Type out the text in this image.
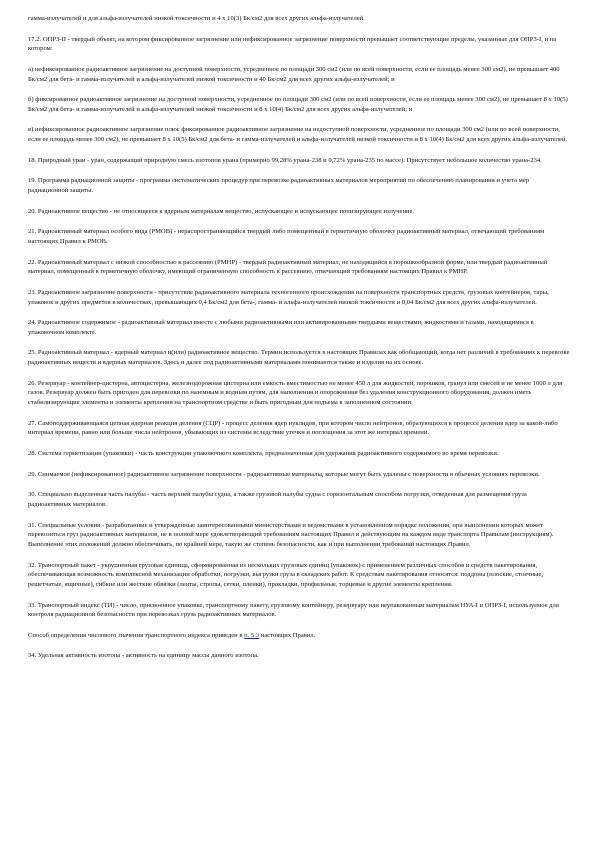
гамма-излучателей и для альфа-излучателей низкой токсичности и 4 х 10(3) Бк/см2 для всех других альфа-излучателей.

17.2. ОПРЗ-II - твердый объект, на котором фиксированное загрязнение или нефиксированное загрязнение поверхности превышает соответствующие пределы, указанные для ОПРЗ-I, и на котором:

а) нефиксированное радиоактивное загрязнение на доступной поверхности, усредненное по площади 300 см2 (или по всей поверхности, если ее площадь менее 300 см2), не превышает 400 Бк/см2 для бета- и гамма-излучателей и альфа-излучателей низкой токсичности и 40 Бк/см2 для всех других альфа-излучателей; и

б) фиксированное радиоактивное загрязнение на доступной поверхности, усредненное по площади 300 см2 (или по всей поверхности, если ее площадь менее 300 см2), не превышает 8 х 10(5) Бк/см2 для бета- и гамма-излучателей и альфа-излучателей низкой токсичности и 8 х 10(4) Бк/см2 для всех других альфа-излучателей; и

в) нефиксированное радиоактивное загрязнение плюс фиксированное радиоактивное загрязнение на недоступной поверхности, усредненное по площади 300 см2 (или по всей поверхности, если ее площадь менее 300 см2), не превышает 8 х 10(5) Бк/см2 для бета- и гамма-излучателей и альфа-излучателей низкой токсичности и 8 х 10(4) Бк/см2 для всех других альфа-излучателей.

18. Природный уран - уран, содержащий природную смесь изотопов урана (примерно 99,28% урана-238 и 0,72% урана-235 по массе). Присутствует небольшое количество урана-234.

19. Программа радиационной защиты - программа систематических процедур при перевозке радиоактивных материалов мероприятий по обеспечению планирования и учета мер радиационной защиты.

20. Радиоактивное вещество - не относящееся к ядерным материалам вещество, испускающее и испускающее ионизирующее излучение.

21. Радиоактивный материал особого вида (РМОВ) - нераспространяющийся твердый либо помещенный в герметичную оболочку радиоактивный материал, отвечающий требованиям настоящих Правил к РМОВ.

22. Радиоактивный материал с низкой способностью к рассеянию (РМНР) - твердый радиоактивный материал, не находящийся в порошкообразной форме, или твердый радиоактивный материал, помещенный в герметичную оболочку, имеющий ограниченную способность к рассеянию, отвечающий требованиям настоящих Правил к РМНР.

23. Радиоактивное загрязнение поверхности - присутствие радиоактивного материала техногенного происхождения на поверхности транспортных средств, грузовых контейнеров, тары, упаковок и других предметов в количествах, превышающих 0,4 Бк/см2 для бета-, гамма- и альфа-излучателей низкой токсичности и 0,04 Бк/см2 для всех других альфа-излучателей.

24. Радиоактивное содержимое - радиоактивный материал вместе с любыми радиоактивными или активированными твердыми веществами, жидкостями и газами, находящимися в упаковочном комплекте.

25. Радиоактивный материал - ядерный материал и(или) радиоактивное вещество. Термин используется в настоящих Правилах как обобщающий, когда нет различий в требованиях к перевозке радиоактивных веществ и ядерных материалов. Здесь и далее под радиоактивными материалами понимаются также и изделия на их основе.

26. Резервуар - контейнер-цистерна, автоцистерна, железнодорожная цистерна или емкость вместимостью не менее 450 л для жидкостей, порошков, гранул или смесей и не менее 1000 л для газов. Резервуар должен быть пригоден для перевозки по наземным и водным путям, для наполнения и опорожнения без удаления конструкционного оборудования, должен иметь стабилизирующие элементы и элементы крепления на транспортном средстве и быть пригодным для подъема в заполненном состоянии.

27. Самоподдерживающаяся цепная ядерная реакция деления (СЦР) - процесс деления ядер нуклидов, при котором число нейтронов, образующихся в процессе деления ядер за какой-либо интервал времени, равно или больше числа нейтронов, убывающих из системы вследствие утечки и поглощения за этот же интервал времени.

28. Система герметизации (упаковки) - часть конструкции упаковочного комплекта, предназначенная для удержания радиоактивного содержимого во время перевозки.

29. Снимаемое (нефиксированное) радиоактивное загрязнение поверхности - радиоактивные материалы, которые могут быть удалены с поверхности в обычных условиях перевозки.

30. Специально выделенная часть палубы - часть верхней палубы судна, а также грузовой палубы судна с горизонтальным способом погрузки, отведенная для размещения груза радиоактивных материалов.

31. Специальные условия - разработанные и утвержденные заинтересованными министерствами и ведомствами в установленном порядке положения, при выполнении которых может перевозиться груз радиоактивных материалов, не в полной мере удовлетворяющий требованиям настоящих Правил и действующим на каждом виде транспорта Правилам (инструкциям). Выполнение этих положений должно обеспечивать, по крайней мере, такую же степень безопасности, как и при выполнении требований настоящих Правил.

32. Транспортный пакет - укрупненная грузовая единица, сформированная из нескольких грузовых единиц (упаковок) с применением различных способов и средств пакетирования, обеспечивающая возможность комплексной механизации обработки, погрузки, выгрузки груза в складских работ. К средствам пакетирования относятся: поддоны (плоские, стоечные, решетчатые, ящичные), гибкие или жесткие обвязки (ленты, стропы, сетки, пленки), прокладки, профильные, торцевые и другие элементы крепления.

33. Транспортный индекс (ТИ) - число, присвоенное упаковке, транспортному пакету, грузовому контейнеру, резервуару или неупакованным материалам НУА-I и ОПРЗ-I, используемое для контроля радиационной безопасности при перевозках груза радиоактивных материалов.

Способ определения числового значения транспортного индекса приведен в п. 5.3 настоящих Правил.

34. Удельная активность изотопа - активность на единицу массы данного изотопа.
